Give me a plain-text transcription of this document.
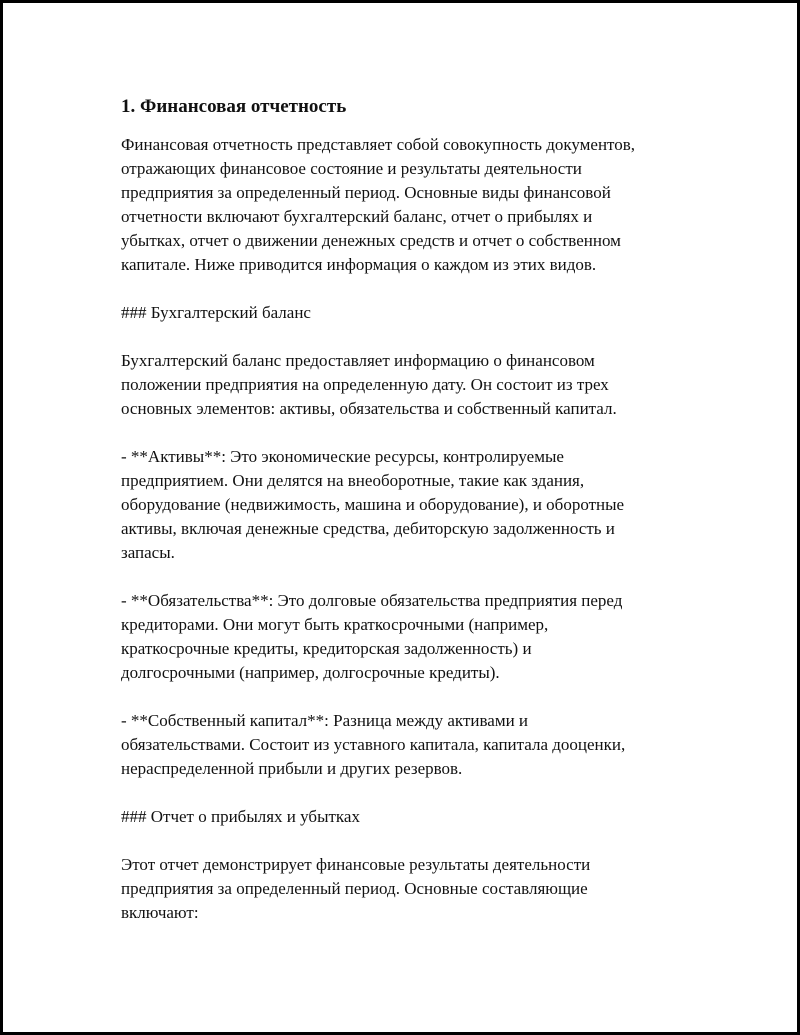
1. Финансовая отчетность
Финансовая отчетность представляет собой совокупность документов,
отражающих финансовое состояние и результаты деятельности
предприятия за определенный период. Основные виды финансовой
отчетности включают бухгалтерский баланс, отчет о прибылях и
убытках, отчет о движении денежных средств и отчет о собственном
капитале. Ниже приводится информация о каждом из этих видов.
### Бухгалтерский баланс
Бухгалтерский баланс предоставляет информацию о финансовом
положении предприятия на определенную дату. Он состоит из трех
основных элементов: активы, обязательства и собственный капитал.
- **Активы**: Это экономические ресурсы, контролируемые
предприятием. Они делятся на внеоборотные, такие как здания,
оборудование (недвижимость, машина и оборудование), и оборотные
активы, включая денежные средства, дебиторскую задолженность и
запасы.
- **Обязательства**: Это долговые обязательства предприятия перед
кредиторами. Они могут быть краткосрочными (например,
краткосрочные кредиты, кредиторская задолженность) и
долгосрочными (например, долгосрочные кредиты).
- **Собственный капитал**: Разница между активами и
обязательствами. Состоит из уставного капитала, капитала дооценки,
нераспределенной прибыли и других резервов.
### Отчет о прибылях и убытках
Этот отчет демонстрирует финансовые результаты деятельности
предприятия за определенный период. Основные составляющие
включают:
